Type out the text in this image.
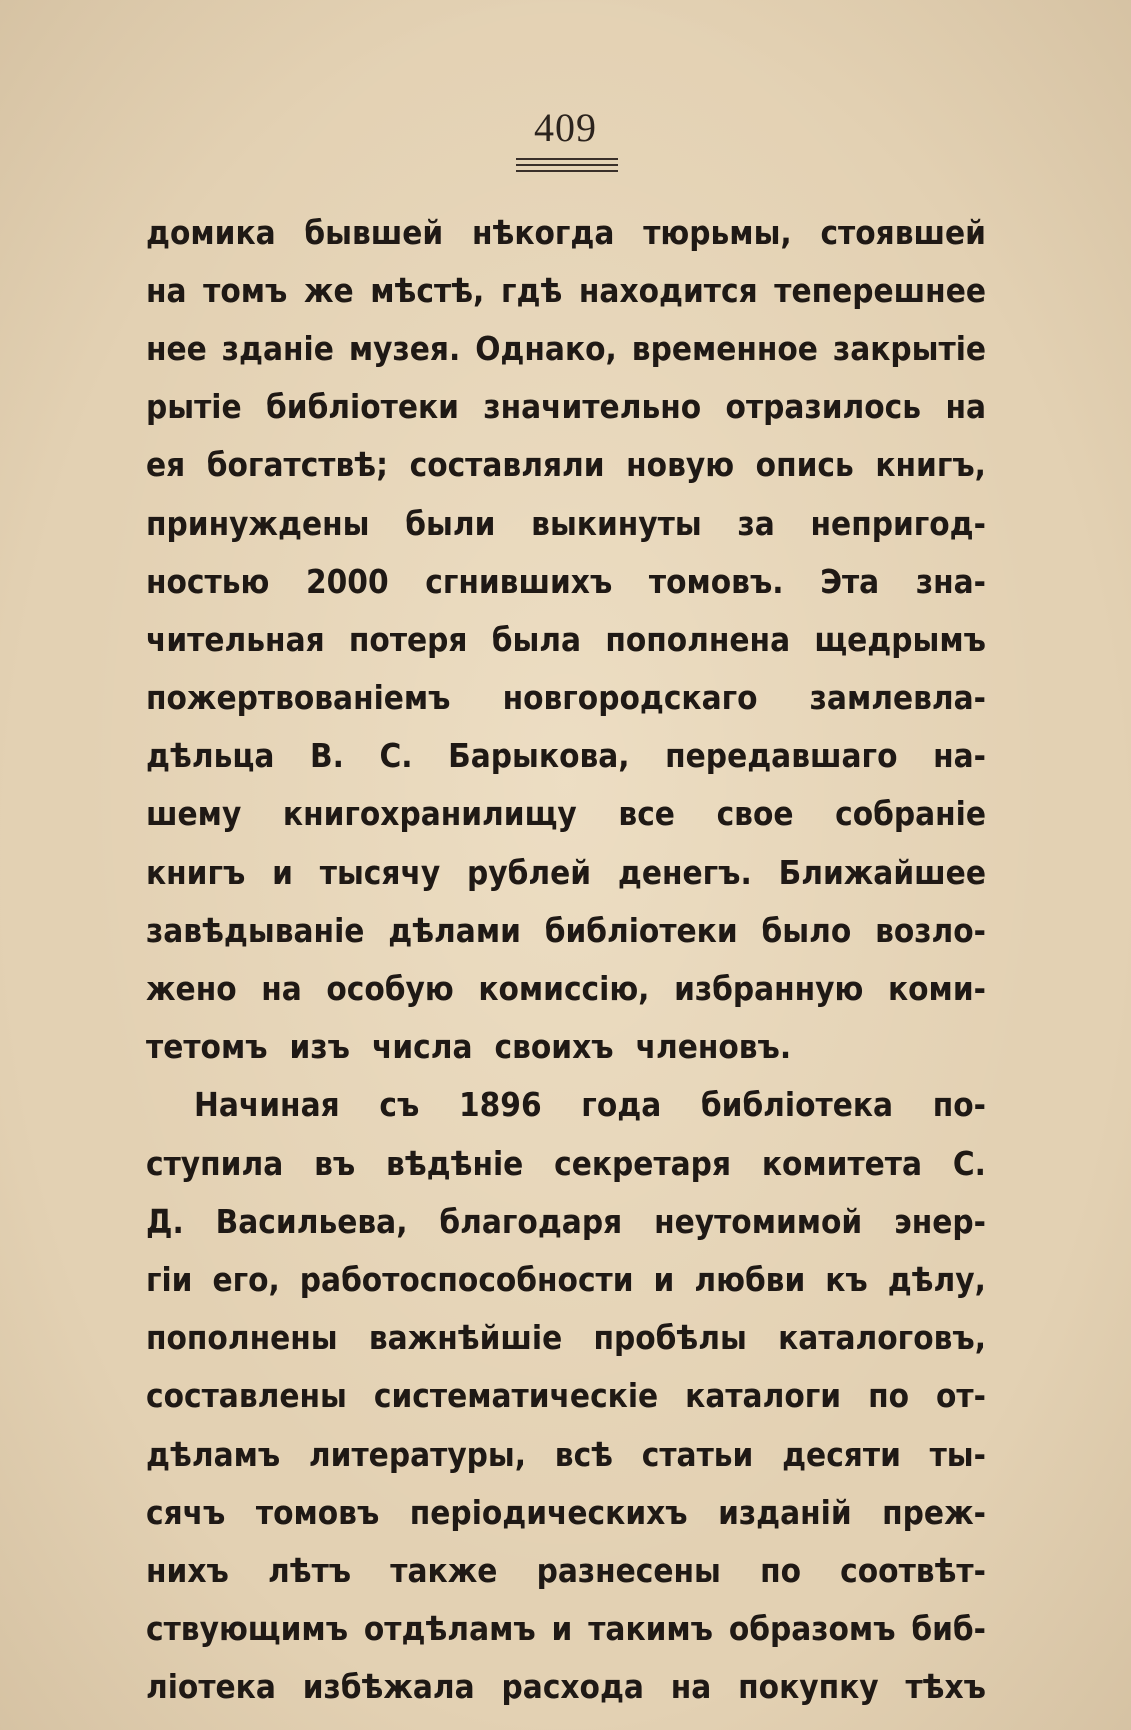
409
домика бывшей нѣкогда тюрьмы, стоявшей
на томъ же мѣстѣ, гдѣ находится теперешнее
нее зданіе музея. Однако, временное закрытіе
рытіе библіотеки значительно отразилось на
ея богатствѣ; составляли новую опись книгъ,
принуждены были выкинуты за непригод-
ностью 2000 сгнившихъ томовъ. Эта зна-
чительная потеря была пополнена щедрымъ
пожертвованіемъ новгородскаго замлевла-
дѣльца В. С. Барыкова, передавшаго на-
шему книгохранилищу все свое собраніе
книгъ и тысячу рублей денегъ. Ближайшее
завѣдываніе дѣлами библіотеки было возло-
жено на особую комиссію, избранную коми-
тетомъ изъ числа своихъ членовъ.
Начиная съ 1896 года библіотека по-
ступила въ вѣдѣніе секретаря комитета С.
Д. Васильева, благодаря неутомимой энер-
гіи его, работоспособности и любви къ дѣлу,
пополнены важнѣйшіе пробѣлы каталоговъ,
составлены систематическіе каталоги по от-
дѣламъ литературы, всѣ статьи десяти ты-
сячъ томовъ періодическихъ изданій преж-
нихъ лѣтъ также разнесены по соотвѣт-
ствующимъ отдѣламъ и такимъ образомъ биб-
ліотека избѣжала расхода на покупку тѣхъ
